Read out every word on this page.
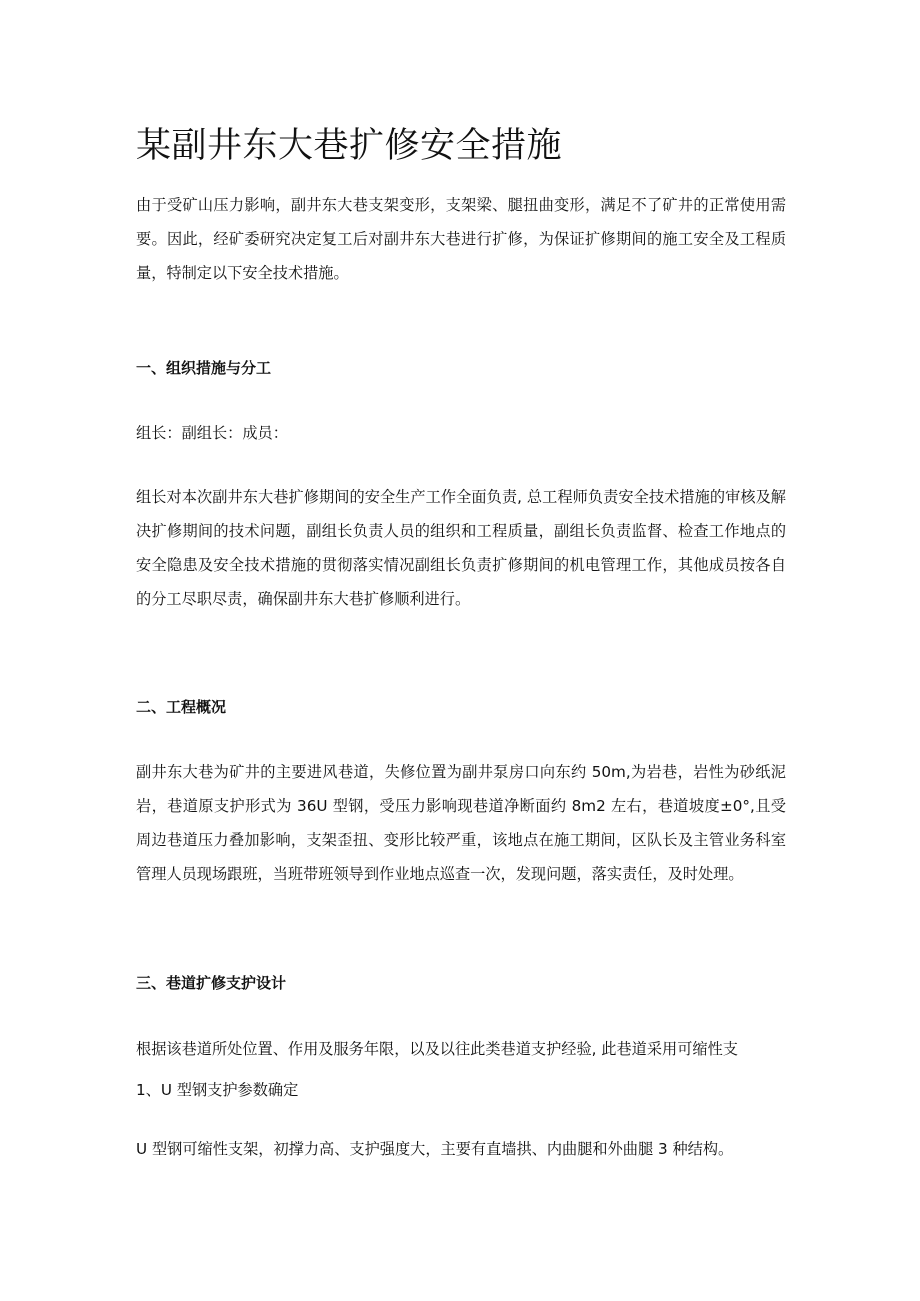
某副井东大巷扩修安全措施

由于受矿山压力影响，副井东大巷支架变形，支架梁、腿扭曲变形，满足不了矿井的正常使用需要。因此，经矿委研究决定复工后对副井东大巷进行扩修，为保证扩修期间的施工安全及工程质量，特制定以下安全技术措施。

一、组织措施与分工

组长：副组长：成员：

组长对本次副井东大巷扩修期间的安全生产工作全面负责, 总工程师负责安全技术措施的审核及解决扩修期间的技术问题，副组长负责人员的组织和工程质量，副组长负责监督、检查工作地点的安全隐患及安全技术措施的贯彻落实情况副组长负责扩修期间的机电管理工作，其他成员按各自的分工尽职尽责，确保副井东大巷扩修顺利进行。

二、工程概况

副井东大巷为矿井的主要进风巷道，失修位置为副井泵房口向东约 50m,为岩巷，岩性为砂纸泥岩，巷道原支护形式为 36U 型钢，受压力影响现巷道净断面约 8m2 左右，巷道坡度±0°,且受周边巷道压力叠加影响，支架歪扭、变形比较严重，该地点在施工期间，区队长及主管业务科室管理人员现场跟班，当班带班领导到作业地点巡查一次，发现问题，落实责任，及时处理。

三、巷道扩修支护设计

根据该巷道所处位置、作用及服务年限，以及以往此类巷道支护经验, 此巷道采用可缩性支

1、U 型钢支护参数确定

U 型钢可缩性支架，初撑力高、支护强度大，主要有直墙拱、内曲腿和外曲腿 3 种结构。
